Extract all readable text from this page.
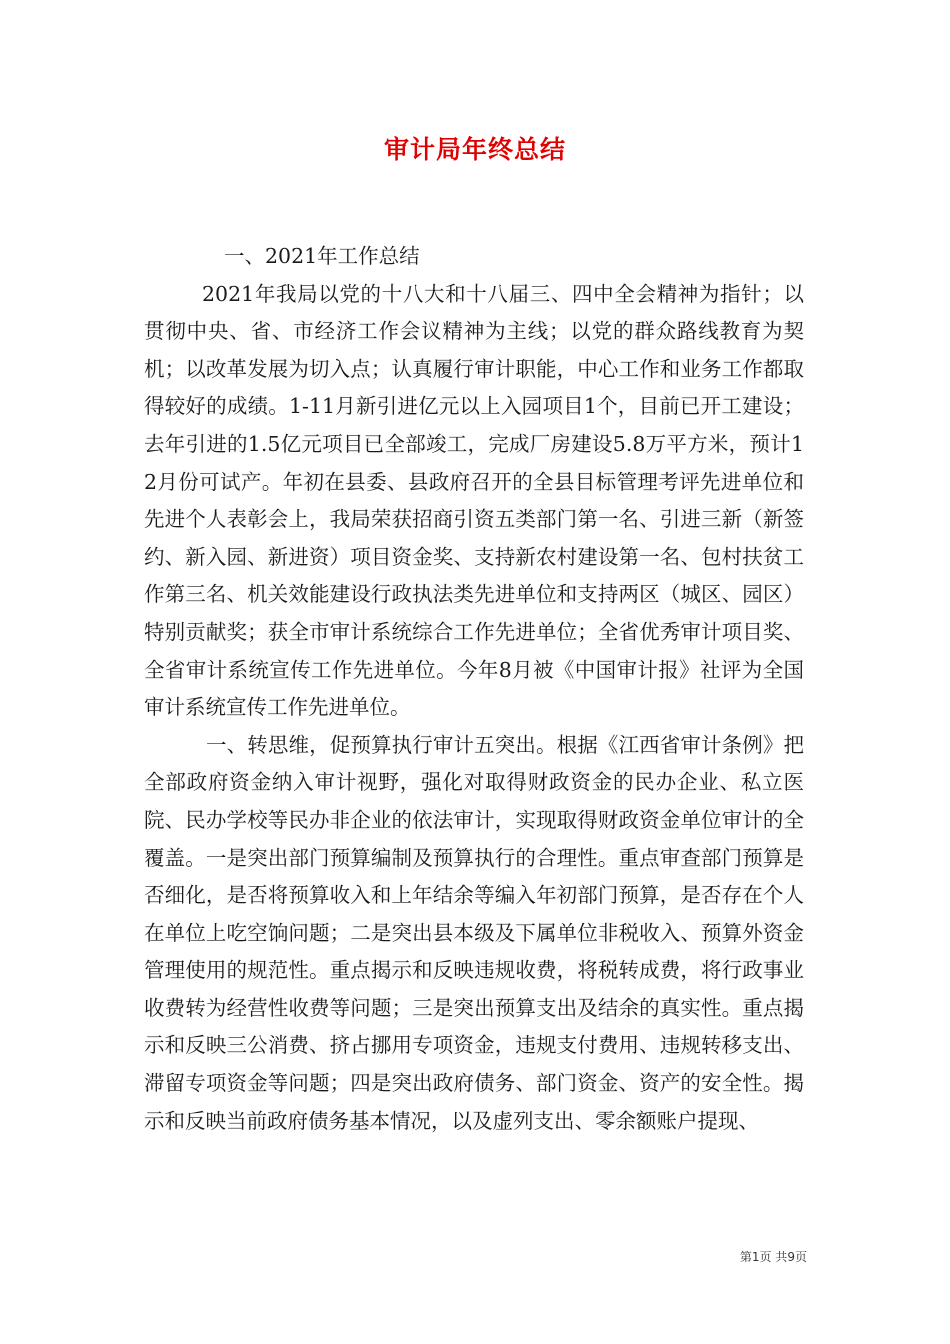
审计局年终总结

一、2021年工作总结

2021年我局以党的十八大和十八届三、四中全会精神为指针；以贯彻中央、省、市经济工作会议精神为主线；以党的群众路线教育为契机；以改革发展为切入点；认真履行审计职能，中心工作和业务工作都取得较好的成绩。1-11月新引进亿元以上入园项目1个，目前已开工建设；去年引进的1.5亿元项目已全部竣工，完成厂房建设5.8万平方米，预计12月份可试产。年初在县委、县政府召开的全县目标管理考评先进单位和先进个人表彰会上，我局荣获招商引资五类部门第一名、引进三新（新签约、新入园、新进资）项目资金奖、支持新农村建设第一名、包村扶贫工作第三名、机关效能建设行政执法类先进单位和支持两区（城区、园区）特别贡献奖；获全市审计系统综合工作先进单位；全省优秀审计项目奖、全省审计系统宣传工作先进单位。今年8月被《中国审计报》社评为全国审计系统宣传工作先进单位。

一、转思维，促预算执行审计五突出。根据《江西省审计条例》把全部政府资金纳入审计视野，强化对取得财政资金的民办企业、私立医院、民办学校等民办非企业的依法审计，实现取得财政资金单位审计的全覆盖。一是突出部门预算编制及预算执行的合理性。重点审查部门预算是否细化，是否将预算收入和上年结余等编入年初部门预算，是否存在个人在单位上吃空饷问题；二是突出县本级及下属单位非税收入、预算外资金管理使用的规范性。重点揭示和反映违规收费，将税转成费，将行政事业收费转为经营性收费等问题；三是突出预算支出及结余的真实性。重点揭示和反映三公消费、挤占挪用专项资金，违规支付费用、违规转移支出、滞留专项资金等问题；四是突出政府债务、部门资金、资产的安全性。揭示和反映当前政府债务基本情况，以及虚列支出、零余额账户提现、

第1页 共9页
